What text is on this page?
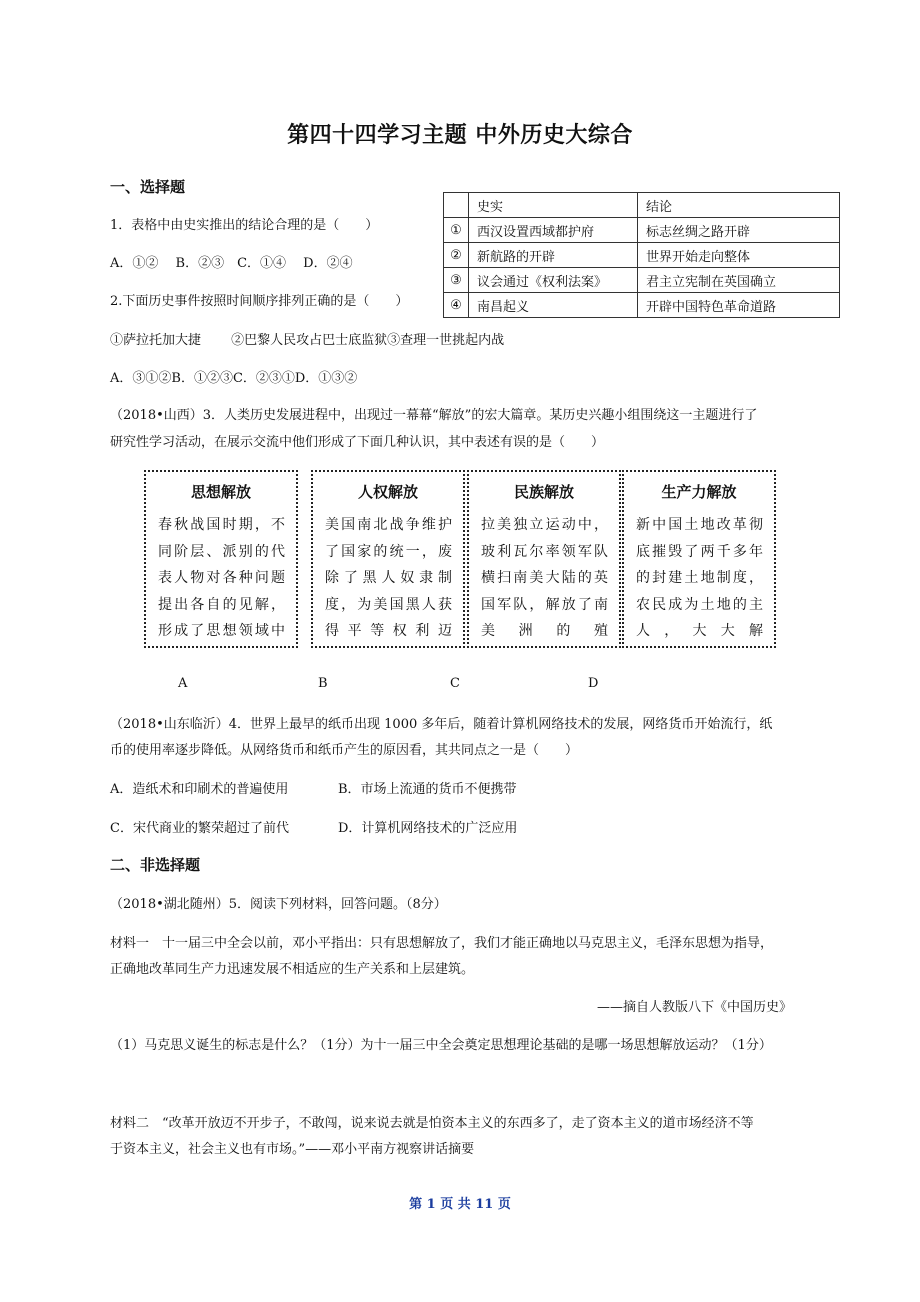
第四十四学习主题 中外历史大综合
一、选择题
1．表格中由史实推出的结论合理的是（　　）
A．①②　 B．②③　C．①④　 D．②④
	史实	结论
①	西汉设置西域都护府	标志丝绸之路开辟
②	新航路的开辟	世界开始走向整体
③	议会通过《权利法案》	君主立宪制在英国确立
④	南昌起义	开辟中国特色革命道路
2.下面历史事件按照时间顺序排列正确的是（　　）
①萨拉托加大捷　　 ②巴黎人民攻占巴士底监狱③查理一世挑起内战
A．③①②B．①②③C．②③①D．①③②
（2018•山西）3．人类历史发展进程中，出现过一幕幕“解放”的宏大篇章。某历史兴趣小组围绕这一主题进行了
研究性学习活动，在展示交流中他们形成了下面几种认识，其中表述有误的是（　　）
思想解放
春秋战国时期，不同阶层、派别的代表人物对各种问题提出各自的见解，形成了思想领域中
人权解放
美国南北战争维护了国家的统一，废除了黑人奴隶制度，为美国黑人获得平等权利迈
民族解放
拉美独立运动中，玻利瓦尔率领军队横扫南美大陆的英国军队，解放了南美洲的殖
生产力解放
新中国土地改革彻底摧毁了两千多年的封建土地制度，农民成为土地的主人，大大解
A	B	C	D
（2018•山东临沂）4．世界上最早的纸币出现 1000 多年后，随着计算机网络技术的发展，网络货币开始流行，纸
币的使用率逐步降低。从网络货币和纸币产生的原因看，其共同点之一是（　　）
A．造纸术和印刷术的普遍使用	B．市场上流通的货币不便携带
C．宋代商业的繁荣超过了前代	D．计算机网络技术的广泛应用
二、非选择题
（2018•湖北随州）5．阅读下列材料，回答问题。（8分）
材料一　十一届三中全会以前，邓小平指出：只有思想解放了，我们才能正确地以马克思主义，毛泽东思想为指导，
正确地改革同生产力迅速发展不相适应的生产关系和上层建筑。
——摘自人教版八下《中国历史》
（1）马克思义诞生的标志是什么？（1分）为十一届三中全会奠定思想理论基础的是哪一场思想解放运动？（1分）
材料二　“改革开放迈不开步子，不敢闯，说来说去就是怕资本主义的东西多了，走了资本主义的道市场经济不等
于资本主义，社会主义也有市场。”——邓小平南方视察讲话摘要
第 1 页 共 11 页
